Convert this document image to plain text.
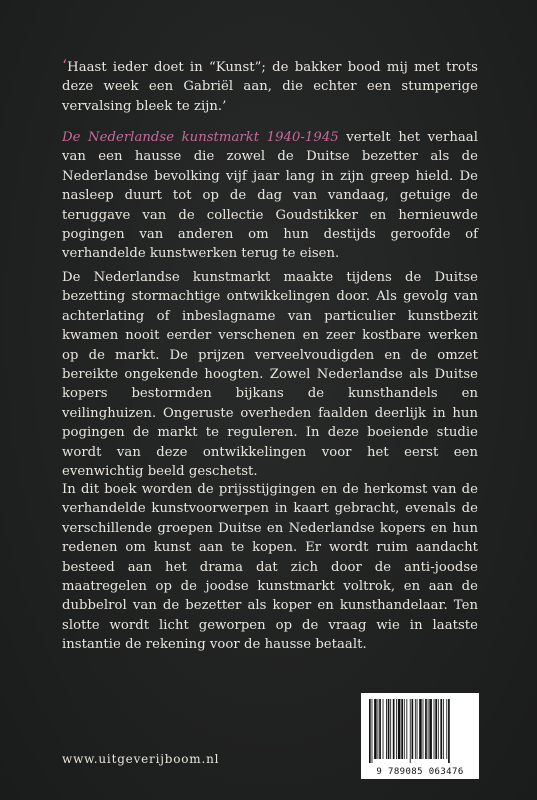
‘Haast ieder doet in “Kunst”; de bakker bood mij met trots deze week een Gabriël aan, die echter een stumperige vervalsing bleek te zijn.’

De Nederlandse kunstmarkt 1940-1945 vertelt het verhaal van een hausse die zowel de Duitse bezetter als de Nederlandse bevolking vijf jaar lang in zijn greep hield. De nasleep duurt tot op de dag van vandaag, getuige de teruggave van de collectie Goudstikker en hernieuwde pogingen van anderen om hun destijds geroofde of verhandelde kunstwerken terug te eisen.

De Nederlandse kunstmarkt maakte tijdens de Duitse bezetting stormachtige ontwikkelingen door. Als gevolg van achterlating of inbeslagname van particulier kunstbezit kwamen nooit eerder verschenen en zeer kostbare werken op de markt. De prijzen verveelvoudigden en de omzet bereikte ongekende hoogten. Zowel Nederlandse als Duitse kopers bestormden bijkans de kunsthandels en veilinghuizen. Ongeruste overheden faalden deerlijk in hun pogingen de markt te reguleren. In deze boeiende studie wordt van deze ontwikkelingen voor het eerst een evenwichtig beeld geschetst.

In dit boek worden de prijsstijgingen en de herkomst van de verhandelde kunstvoorwerpen in kaart gebracht, evenals de verschillende groepen Duitse en Nederlandse kopers en hun redenen om kunst aan te kopen. Er wordt ruim aandacht besteed aan het drama dat zich door de anti-joodse maatregelen op de joodse kunstmarkt voltrok, en aan de dubbelrol van de bezetter als koper en kunsthandelaar. Ten slotte wordt licht geworpen op de vraag wie in laatste instantie de rekening voor de hausse betaalt.

www.uitgeverijboom.nl
9 789085 063476
